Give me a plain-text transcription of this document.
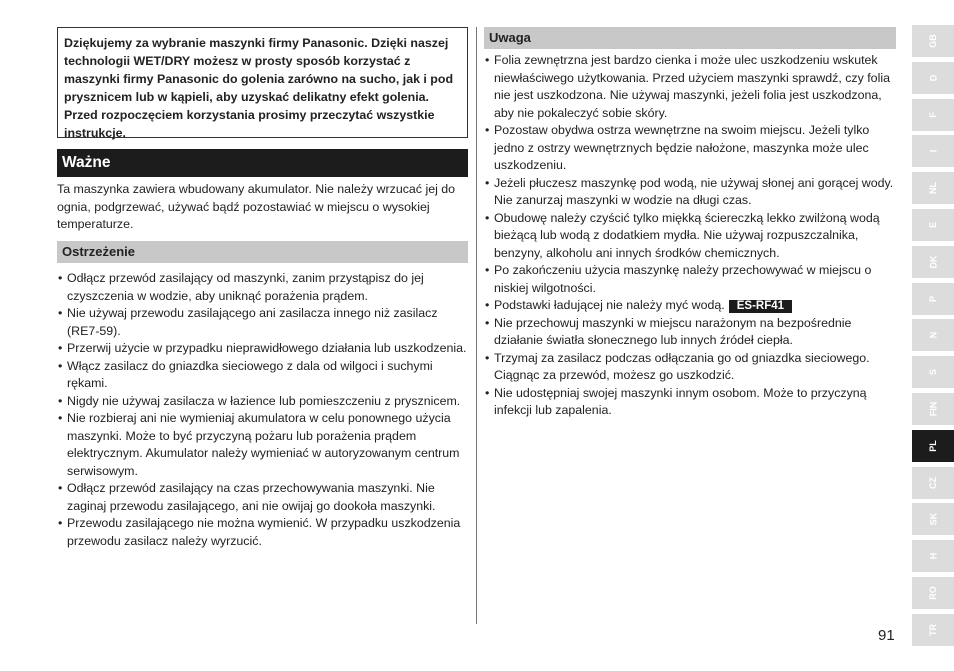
Dziękujemy za wybranie maszynki firmy Panasonic. Dzięki naszej technologii WET/DRY możesz w prosty sposób korzystać z maszynki firmy Panasonic do golenia zarówno na sucho, jak i pod prysznicem lub w kąpieli, aby uzyskać delikatny efekt golenia. Przed rozpoczęciem korzystania prosimy przeczytać wszystkie instrukcje.

Ważne

Ta maszynka zawiera wbudowany akumulator. Nie należy wrzucać jej do ognia, podgrzewać, używać bądź pozostawiać w miejscu o wysokiej temperaturze.

Ostrzeżenie
• Odłącz przewód zasilający od maszynki, zanim przystąpisz do jej czyszczenia w wodzie, aby uniknąć porażenia prądem.
• Nie używaj przewodu zasilającego ani zasilacza innego niż zasilacz (RE7-59).
• Przerwij użycie w przypadku nieprawidłowego działania lub uszkodzenia.
• Włącz zasilacz do gniazdka sieciowego z dala od wilgoci i suchymi rękami.
• Nigdy nie używaj zasilacza w łazience lub pomieszczeniu z prysznicem.
• Nie rozbieraj ani nie wymieniaj akumulatora w celu ponownego użycia maszynki. Może to być przyczyną pożaru lub porażenia prądem elektrycznym. Akumulator należy wymieniać w autoryzowanym centrum serwisowym.
• Odłącz przewód zasilający na czas przechowywania maszynki. Nie zaginaj przewodu zasilającego, ani nie owijaj go dookoła maszynki.
• Przewodu zasilającego nie można wymienić. W przypadku uszkodzenia przewodu zasilacz należy wyrzucić.
Uwaga
• Folia zewnętrzna jest bardzo cienka i może ulec uszkodzeniu wskutek niewłaściwego użytkowania. Przed użyciem maszynki sprawdź, czy folia nie jest uszkodzona. Nie używaj maszynki, jeżeli folia jest uszkodzona, aby nie pokaleczyć sobie skóry.
• Pozostaw obydwa ostrza wewnętrzne na swoim miejscu. Jeżeli tylko jedno z ostrzy wewnętrznych będzie nałożone, maszynka może ulec uszkodzeniu.
• Jeżeli płuczesz maszynkę pod wodą, nie używaj słonej ani gorącej wody. Nie zanurzaj maszynki w wodzie na długi czas.
• Obudowę należy czyścić tylko miękką ściereczką lekko zwilżoną wodą bieżącą lub wodą z dodatkiem mydła. Nie używaj rozpuszczalnika, benzyny, alkoholu ani innych środków chemicznych.
• Po zakończeniu użycia maszynkę należy przechowywać w miejscu o niskiej wilgotności.
• Podstawki ładującej nie należy myć wodą. ES-RF41
• Nie przechowuj maszynki w miejscu narażonym na bezpośrednie działanie światła słonecznego lub innych źródeł ciepła.
• Trzymaj za zasilacz podczas odłączania go od gniazdka sieciowego. Ciągnąc za przewód, możesz go uszkodzić.
• Nie udostępniaj swojej maszynki innym osobom. Może to przyczyną infekcji lub zapalenia.
91
GB
D
F
I
NL
E
DK
P
N
S
FIN
PL
CZ
SK
H
RO
TR
